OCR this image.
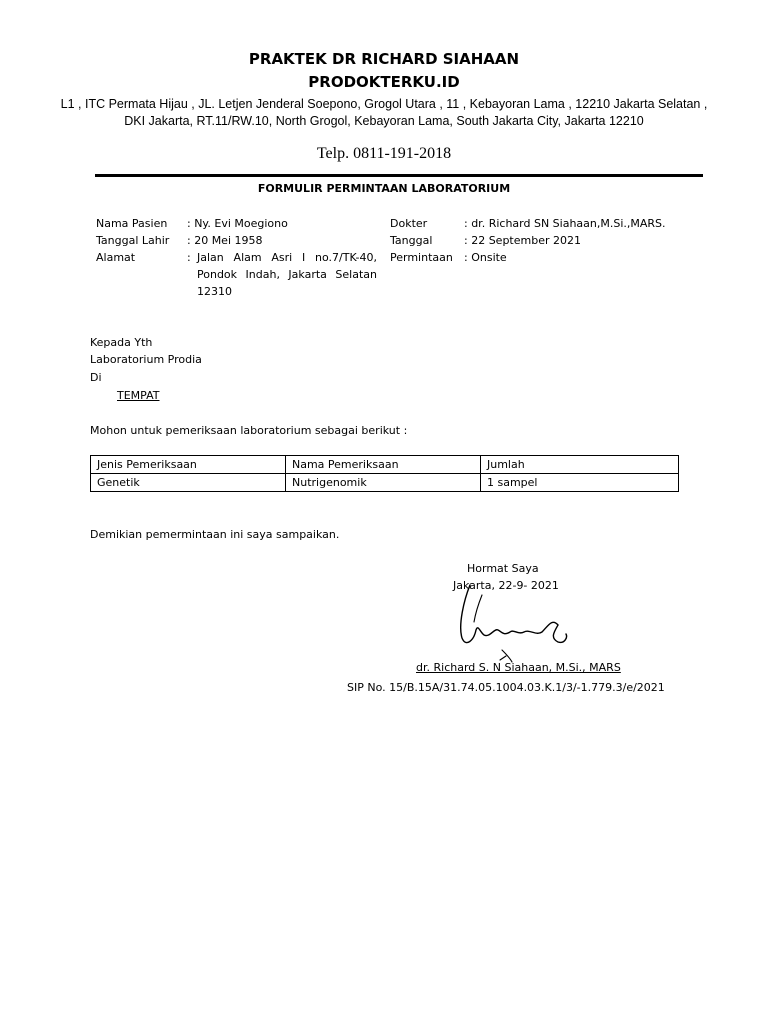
PRAKTEK DR RICHARD SIAHAAN
PRODOKTERKU.ID
L1 , ITC Permata Hijau , JL. Letjen Jenderal Soepono, Grogol Utara , 11 , Kebayoran Lama , 12210 Jakarta Selatan , DKI Jakarta, RT.11/RW.10, North Grogol, Kebayoran Lama, South Jakarta City, Jakarta 12210
Telp. 0811-191-2018
FORMULIR PERMINTAAN LABORATORIUM
Nama Pasien : Ny. Evi Moegiono
Tanggal Lahir : 20 Mei 1958
Alamat	: Jalan Alam Asri I no.7/TK-40, Pondok Indah, Jakarta Selatan 12310
Dokter	: dr. Richard SN Siahaan,M.Si.,MARS.
Tanggal	: 22 September 2021
Permintaan : Onsite
Kepada Yth
Laboratorium Prodia
Di
TEMPAT
Mohon untuk pemeriksaan laboratorium sebagai berikut :
Jenis Pemeriksaan	Nama Pemeriksaan	Jumlah
Genetik	Nutrigenomik	1 sampel
Demikian pemermintaan ini saya sampaikan.
Hormat Saya
Jakarta, 22-9- 2021
dr. Richard S. N Siahaan, M.Si., MARS
SIP No. 15/B.15A/31.74.05.1004.03.K.1/3/-1.779.3/e/2021
